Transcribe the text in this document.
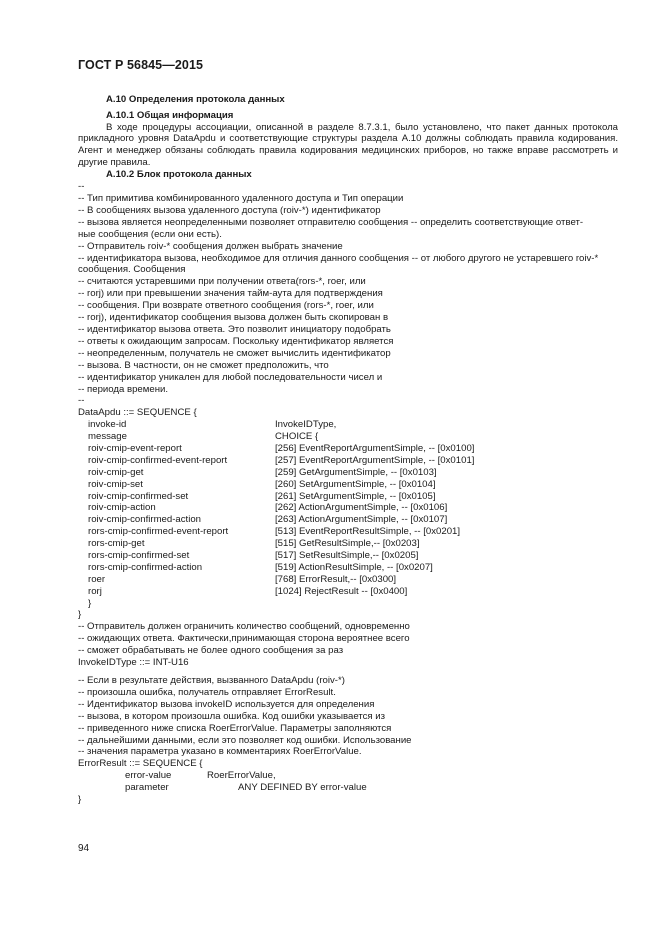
ГОСТ Р 56845—2015
А.10 Определения протокола данных
А.10.1 Общая информация
В ходе процедуры ассоциации, описанной в разделе 8.7.3.1, было установлено, что пакет данных протокола прикладного уровня DataApdu и соответствующие структуры раздела А.10 должны соблюдать правила кодирования. Агент и менеджер обязаны соблюдать правила кодирования медицинских приборов, но также вправе рассмотреть и другие правила.
А.10.2 Блок протокола данных
--
-- Тип примитива комбинированного удаленного доступа и Тип операции
-- В сообщениях вызова удаленного доступа (roiv-*) идентификатор
-- вызова является неопределенными позволяет отправителю сообщения -- определить соответствующие ответ-
ные сообщения (если они есть).
-- Отправитель roiv-* сообщения должен выбрать значение
-- идентификатора вызова, необходимое для отличия данного сообщения -- от любого другого не устаревшего roiv-*
сообщения. Сообщения
-- считаются устаревшими при получении ответа(rors-*, roer, или
-- rorj) или при превышении значения тайм-аута для подтверждения
-- сообщения. При возврате ответного сообщения (rors-*, roer, или
-- rorj), идентификатор сообщения вызова должен быть скопирован в
-- идентификатор вызова ответа. Это позволит инициатору подобрать
-- ответы к ожидающим запросам. Поскольку идентификатор является
-- неопределенным, получатель не сможет вычислить идентификатор
-- вызова. В частности, он не сможет предположить, что
-- идентификатор уникален для любой последовательности чисел и
-- периода времени.
--
DataApdu ::= SEQUENCE {
invoke-id	InvokeIDType,
message	CHOICE {
roiv-cmip-event-report	[256] EventReportArgumentSimple, -- [0x0100]
roiv-cmip-confirmed-event-report	[257] EventReportArgumentSimple, -- [0x0101]
roiv-cmip-get	[259] GetArgumentSimple, -- [0x0103]
roiv-cmip-set	[260] SetArgumentSimple, -- [0x0104]
roiv-cmip-confirmed-set	[261] SetArgumentSimple, -- [0x0105]
roiv-cmip-action	[262] ActionArgumentSimple, -- [0x0106]
roiv-cmip-confirmed-action	[263] ActionArgumentSimple, -- [0x0107]
rors-cmip-confirmed-event-report	[513] EventReportResultSimple, -- [0x0201]
rors-cmip-get	[515] GetResultSimple,-- [0x0203]
rors-cmip-confirmed-set	[517] SetResultSimple,-- [0x0205]
rors-cmip-confirmed-action	[519] ActionResultSimple, -- [0x0207]
roer	[768] ErrorResult,-- [0x0300]
rorj	[1024] RejectResult -- [0x0400]
}
}
-- Отправитель должен ограничить количество сообщений, одновременно
-- ожидающих ответа. Фактически,принимающая сторона вероятнее всего
-- сможет обрабатывать не более одного сообщения за раз
InvokeIDType ::= INT-U16
-- Если в результате действия, вызванного DataApdu (roiv-*)
-- произошла ошибка, получатель отправляет ErrorResult.
-- Идентификатор вызова invokeID используется для определения
-- вызова, в котором произошла ошибка. Код ошибки указывается из
-- приведенного ниже списка RoerErrorValue. Параметры заполняются
-- дальнейшими данными, если это позволяет код ошибки. Использование
-- значения параметра указано в комментариях RoerErrorValue.
ErrorResult ::= SEQUENCE {
error-value	RoerErrorValue,
parameter	ANY DEFINED BY error-value
}
94
